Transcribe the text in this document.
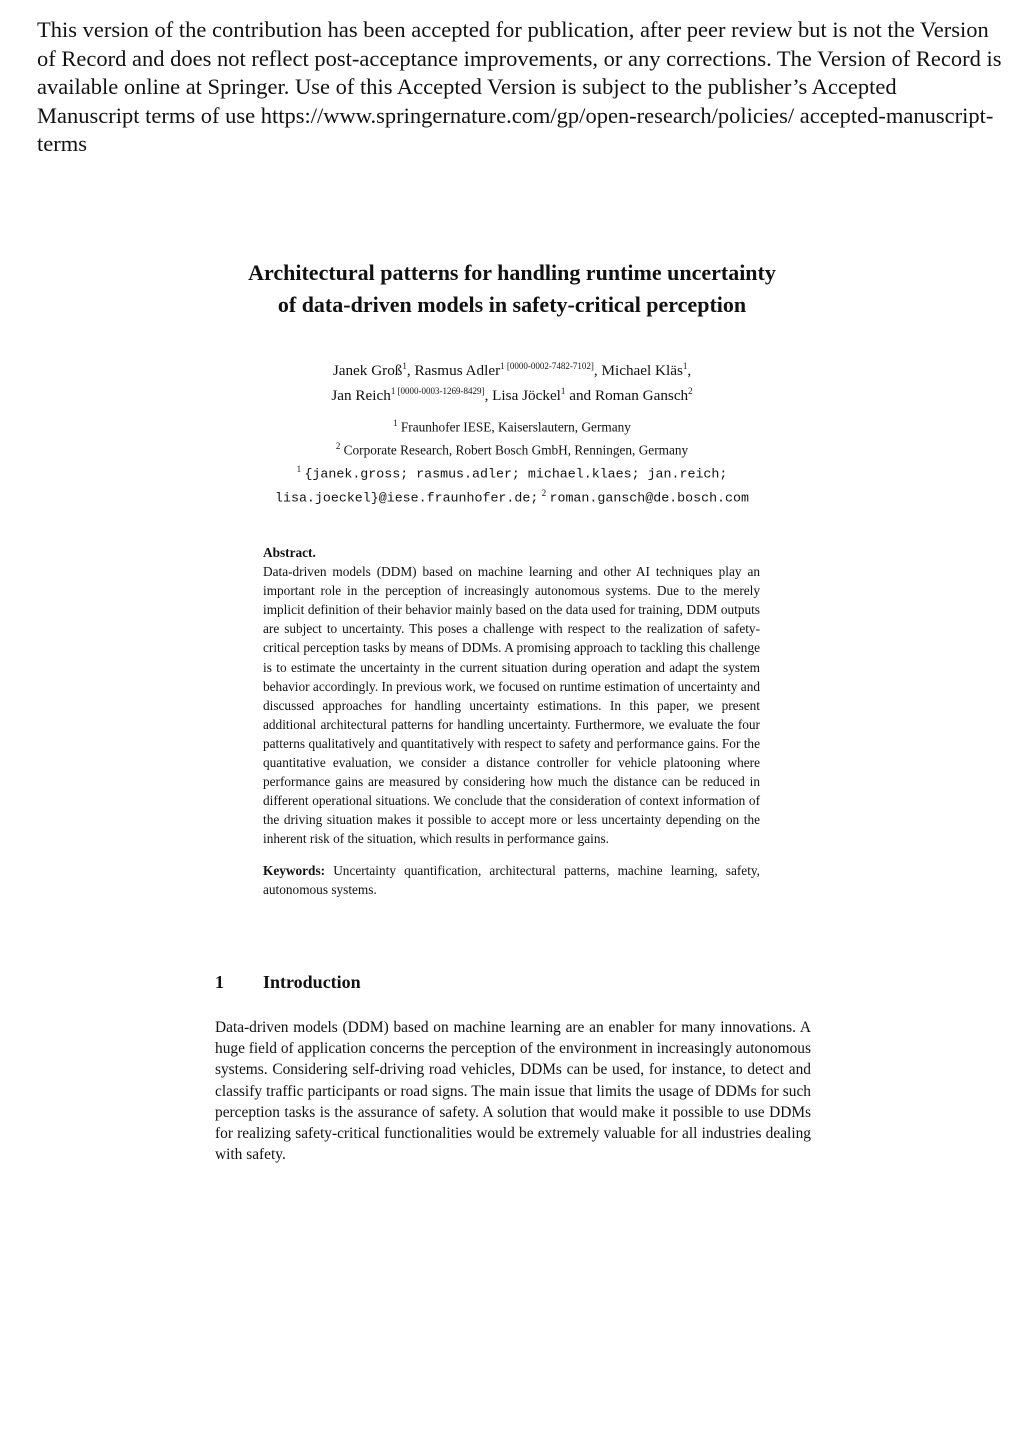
This version of the contribution has been accepted for publication, after peer review but is not the Version of Record and does not reflect post-acceptance improvements, or any corrections. The Version of Record is available online at Springer. Use of this Accepted Version is subject to the publisher’s Accepted Manuscript terms of use https://www.springernature.com/gp/open-research/policies/ accepted-manuscript-terms
Architectural patterns for handling runtime uncertainty
of data-driven models in safety-critical perception
Janek Groß$^1$, Rasmus Adler$^{1 [0000-0002-7482-7102]}$, Michael Kläs$^1$,
Jan Reich$^{1 [0000-0003-1269-8429]}$, Lisa Jöckel$^1$ and Roman Gansch$^2$
$^1$ Fraunhofer IESE, Kaiserslautern, Germany
$^2$ Corporate Research, Robert Bosch GmbH, Renningen, Germany
$^1$ {janek.gross; rasmus.adler; michael.klaes; jan.reich;
lisa.joeckel}@iese.fraunhofer.de; $^2$ roman.gansch@de.bosch.com
Abstract.

Data-driven models (DDM) based on machine learning and other AI techniques play an important role in the perception of increasingly autonomous systems. Due to the merely implicit definition of their behavior mainly based on the data used for training, DDM outputs are subject to uncertainty. This poses a challenge with respect to the realization of safety-critical perception tasks by means of DDMs. A promising approach to tackling this challenge is to estimate the uncertainty in the current situation during operation and adapt the system behavior accordingly. In previous work, we focused on runtime estimation of uncertainty and discussed approaches for handling uncertainty estimations. In this paper, we present additional architectural patterns for handling uncertainty. Furthermore, we evaluate the four patterns qualitatively and quantitatively with respect to safety and performance gains. For the quantitative evaluation, we consider a distance controller for vehicle platooning where performance gains are measured by considering how much the distance can be reduced in different operational situations. We conclude that the consideration of context information of the driving situation makes it possible to accept more or less uncertainty depending on the inherent risk of the situation, which results in performance gains.

Keywords: Uncertainty quantification, architectural patterns, machine learning, safety, autonomous systems.

1 Introduction

Data-driven models (DDM) based on machine learning are an enabler for many innovations. A huge field of application concerns the perception of the environment in increasingly autonomous systems. Considering self-driving road vehicles, DDMs can be used, for instance, to detect and classify traffic participants or road signs. The main issue that limits the usage of DDMs for such perception tasks is the assurance of safety. A solution that would make it possible to use DDMs for realizing safety-critical functionalities would be extremely valuable for all industries dealing with safety.
